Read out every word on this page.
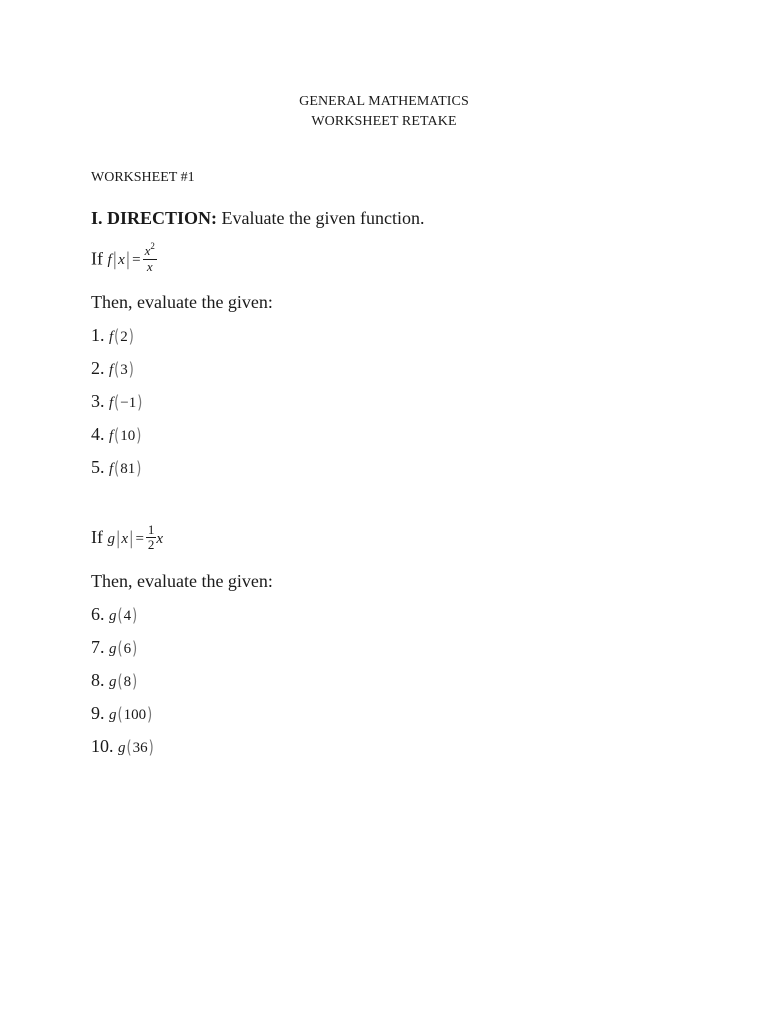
GENERAL MATHEMATICS
WORKSHEET RETAKE
WORKSHEET #1
I. DIRECTION: Evaluate the given function.
If $f|x| = \frac{x^2}{x}$
Then, evaluate the given:
1. f(2)
2. f(3)
3. f(−1)
4. f(10)
5. f(81)
If $g|x| = \frac{1}{2}$ x
Then, evaluate the given:
6. g(4)
7. g(6)
8. g(8)
9. g(100)
10. g(36)
